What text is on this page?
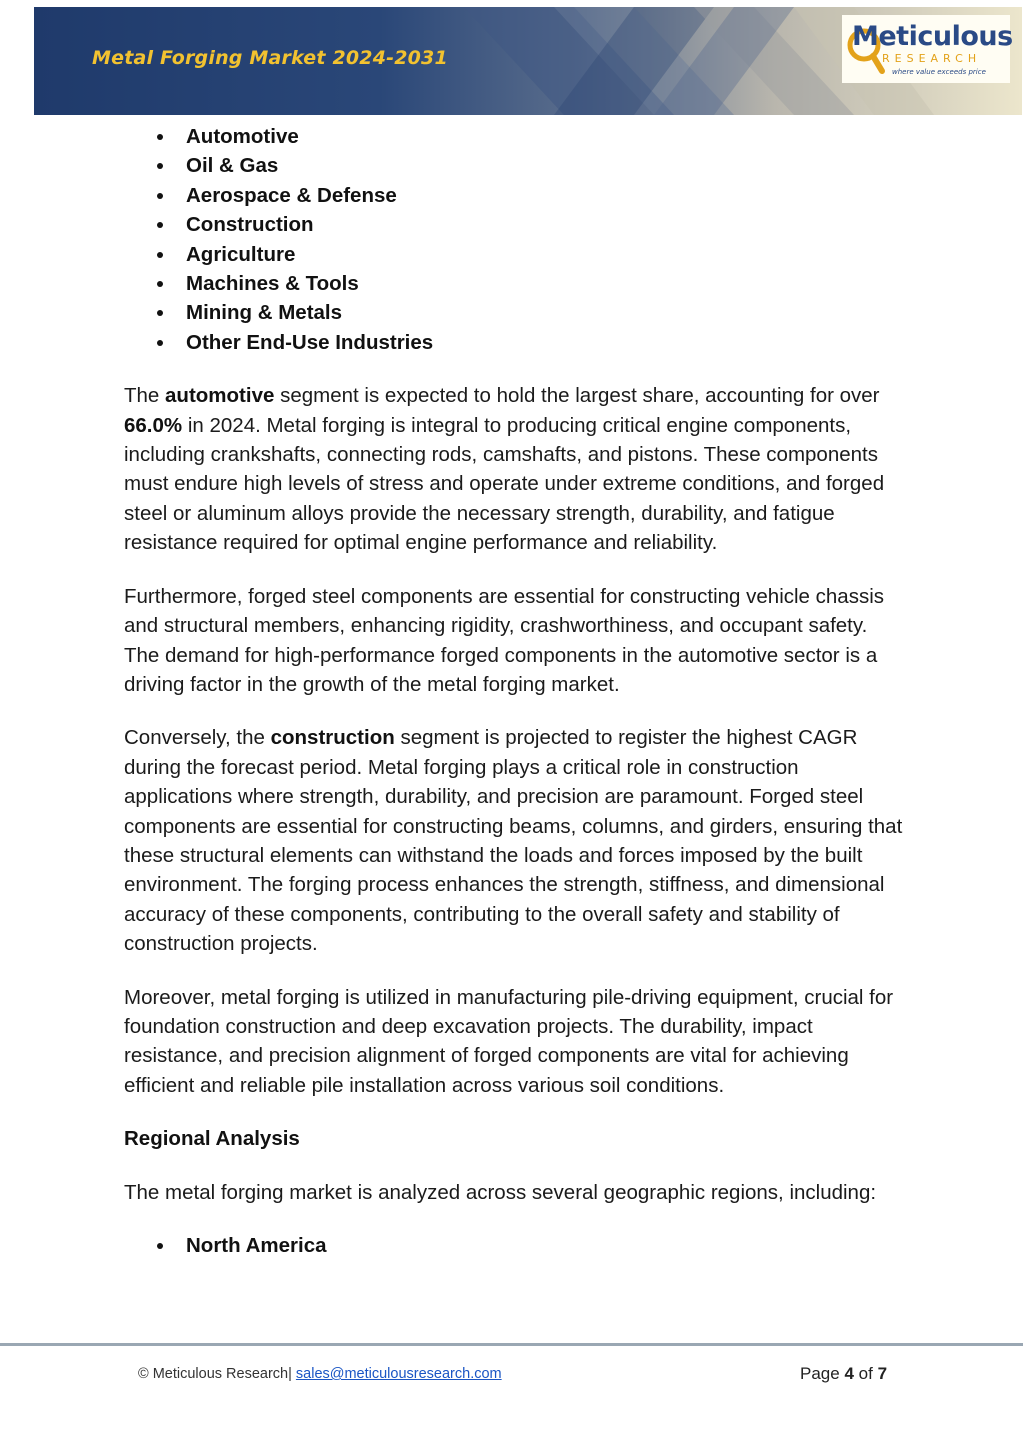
Metal Forging Market 2024-2031
Meticulous
RESEARCH
where value exceeds price
Automotive
Oil & Gas
Aerospace & Defense
Construction
Agriculture
Machines & Tools
Mining & Metals
Other End-Use Industries

The automotive segment is expected to hold the largest share, accounting for over 66.0% in 2024. Metal forging is integral to producing critical engine components, including crankshafts, connecting rods, camshafts, and pistons. These components must endure high levels of stress and operate under extreme conditions, and forged steel or aluminum alloys provide the necessary strength, durability, and fatigue resistance required for optimal engine performance and reliability.

Furthermore, forged steel components are essential for constructing vehicle chassis and structural members, enhancing rigidity, crashworthiness, and occupant safety. The demand for high-performance forged components in the automotive sector is a driving factor in the growth of the metal forging market.

Conversely, the construction segment is projected to register the highest CAGR during the forecast period. Metal forging plays a critical role in construction applications where strength, durability, and precision are paramount. Forged steel components are essential for constructing beams, columns, and girders, ensuring that these structural elements can withstand the loads and forces imposed by the built environment. The forging process enhances the strength, stiffness, and dimensional accuracy of these components, contributing to the overall safety and stability of construction projects.

Moreover, metal forging is utilized in manufacturing pile-driving equipment, crucial for foundation construction and deep excavation projects. The durability, impact resistance, and precision alignment of forged components are vital for achieving efficient and reliable pile installation across various soil conditions.

Regional Analysis

The metal forging market is analyzed across several geographic regions, including:

North America
© Meticulous Research| sales@meticulousresearch.com	Page 4 of 7
